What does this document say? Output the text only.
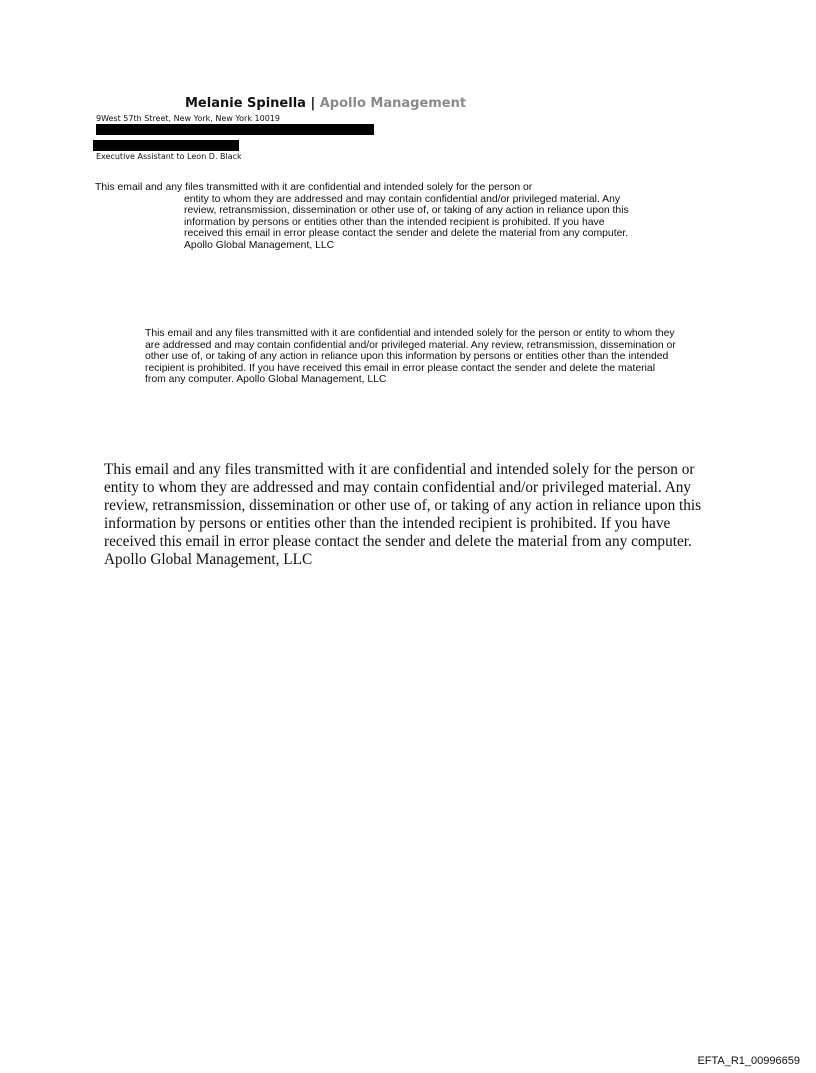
Melanie Spinella | Apollo Management
9West 57th Street, New York, New York 10019
Executive Assistant to Leon D. Black

This email and any files transmitted with it are confidential and intended solely for the person or
entity to whom they are addressed and may contain confidential and/or privileged material. Any review, retransmission, dissemination or other use of, or taking of any action in reliance upon this information by persons or entities other than the intended recipient is prohibited. If you have received this email in error please contact the sender and delete the material from any computer. Apollo Global Management, LLC

This email and any files transmitted with it are confidential and intended solely for the person or entity to whom they are addressed and may contain confidential and/or privileged material. Any review, retransmission, dissemination or other use of, or taking of any action in reliance upon this information by persons or entities other than the intended recipient is prohibited. If you have received this email in error please contact the sender and delete the material from any computer. Apollo Global Management, LLC

This email and any files transmitted with it are confidential and intended solely for the person or entity to whom they are addressed and may contain confidential and/or privileged material. Any review, retransmission, dissemination or other use of, or taking of any action in reliance upon this information by persons or entities other than the intended recipient is prohibited. If you have received this email in error please contact the sender and delete the material from any computer. Apollo Global Management, LLC

EFTA_R1_00996659
